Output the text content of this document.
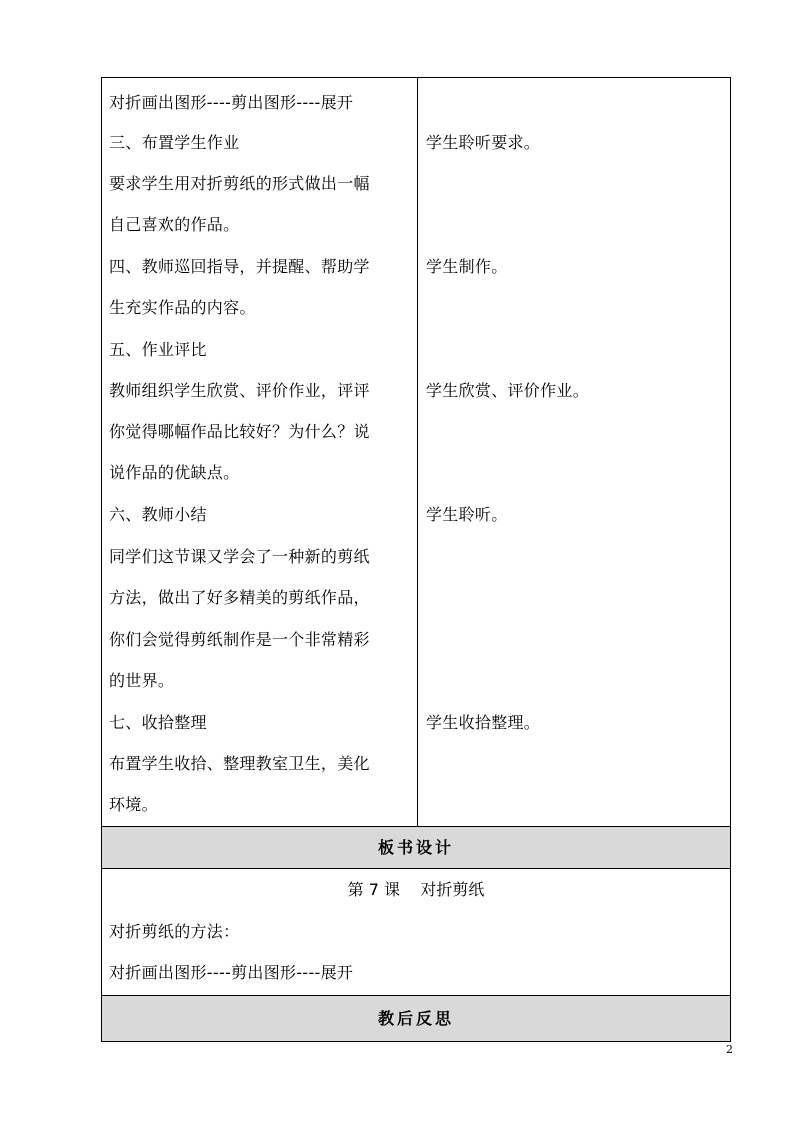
对折画出图形----剪出图形----展开
三、布置学生作业
要求学生用对折剪纸的形式做出一幅
自己喜欢的作品。
四、教师巡回指导，并提醒、帮助学
生充实作品的内容。
五、作业评比
教师组织学生欣赏、评价作业，评评
你觉得哪幅作品比较好？为什么？说
说作品的优缺点。
六、教师小结
同学们这节课又学会了一种新的剪纸
方法，做出了好多精美的剪纸作品，
你们会觉得剪纸制作是一个非常精彩
的世界。
七、收拾整理
布置学生收拾、整理教室卫生，美化
环境。
学生聆听要求。
学生制作。
学生欣赏、评价作业。
学生聆听。
学生收拾整理。
板书设计
第 7 课    对折剪纸
对折剪纸的方法：
对折画出图形----剪出图形----展开
教后反思
2
